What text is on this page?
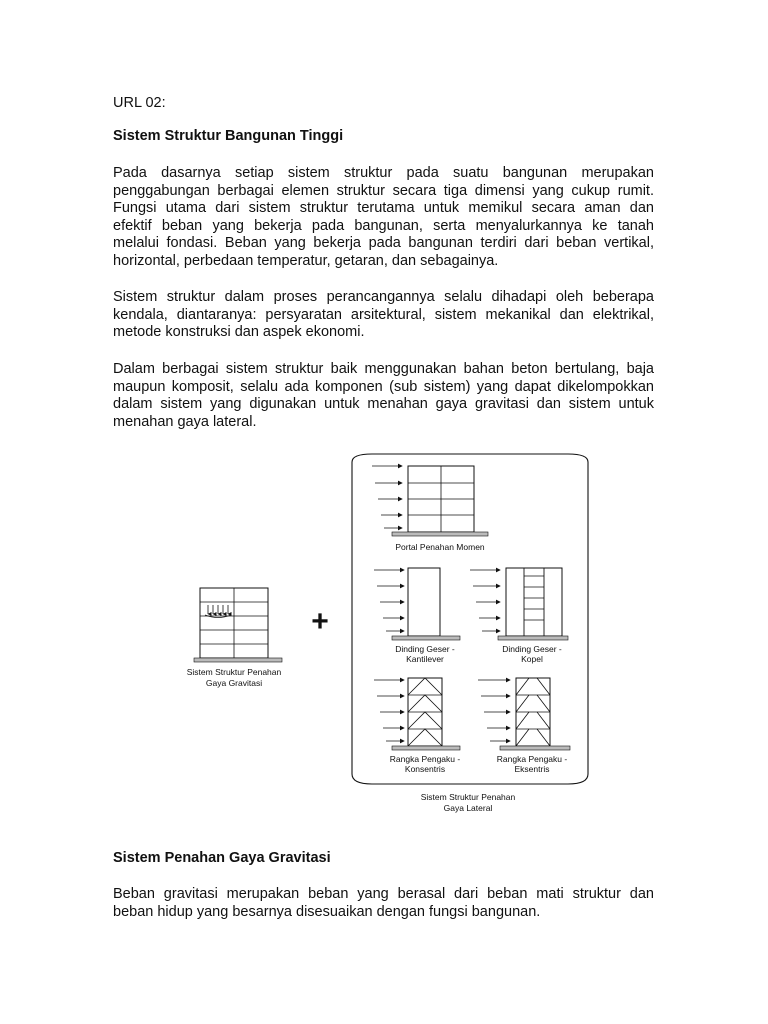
URL 02:
Sistem Struktur Bangunan Tinggi
Pada dasarnya setiap sistem struktur pada suatu bangunan merupakan
penggabungan berbagai elemen struktur secara tiga dimensi yang cukup rumit.
Fungsi utama dari sistem struktur terutama untuk memikul secara aman dan
efektif beban yang bekerja pada bangunan, serta menyalurkannya ke tanah
melalui fondasi. Beban yang bekerja pada bangunan terdiri dari beban vertikal,
horizontal, perbedaan temperatur, getaran, dan sebagainya.
Sistem struktur dalam proses perancangannya selalu dihadapi oleh beberapa
kendala, diantaranya: persyaratan arsitektural, sistem mekanikal dan elektrikal,
metode konstruksi dan aspek ekonomi.
Dalam berbagai sistem struktur baik menggunakan bahan beton bertulang, baja
maupun komposit, selalu ada komponen (sub sistem) yang dapat dikelompokkan
dalam sistem yang digunakan untuk menahan gaya gravitasi dan sistem untuk
menahan gaya lateral.
Sistem Struktur Penahan
Gaya Gravitasi
+
Portal Penahan Momen
Dinding Geser -
Kantilever
Dinding Geser -
Kopel
Rangka Pengaku -
Konsentris
Rangka Pengaku -
Eksentris
Sistem Struktur Penahan
Gaya Lateral
Sistem Penahan Gaya Gravitasi
Beban gravitasi merupakan beban yang berasal dari beban mati struktur dan
beban hidup yang besarnya disesuaikan dengan fungsi bangunan.
